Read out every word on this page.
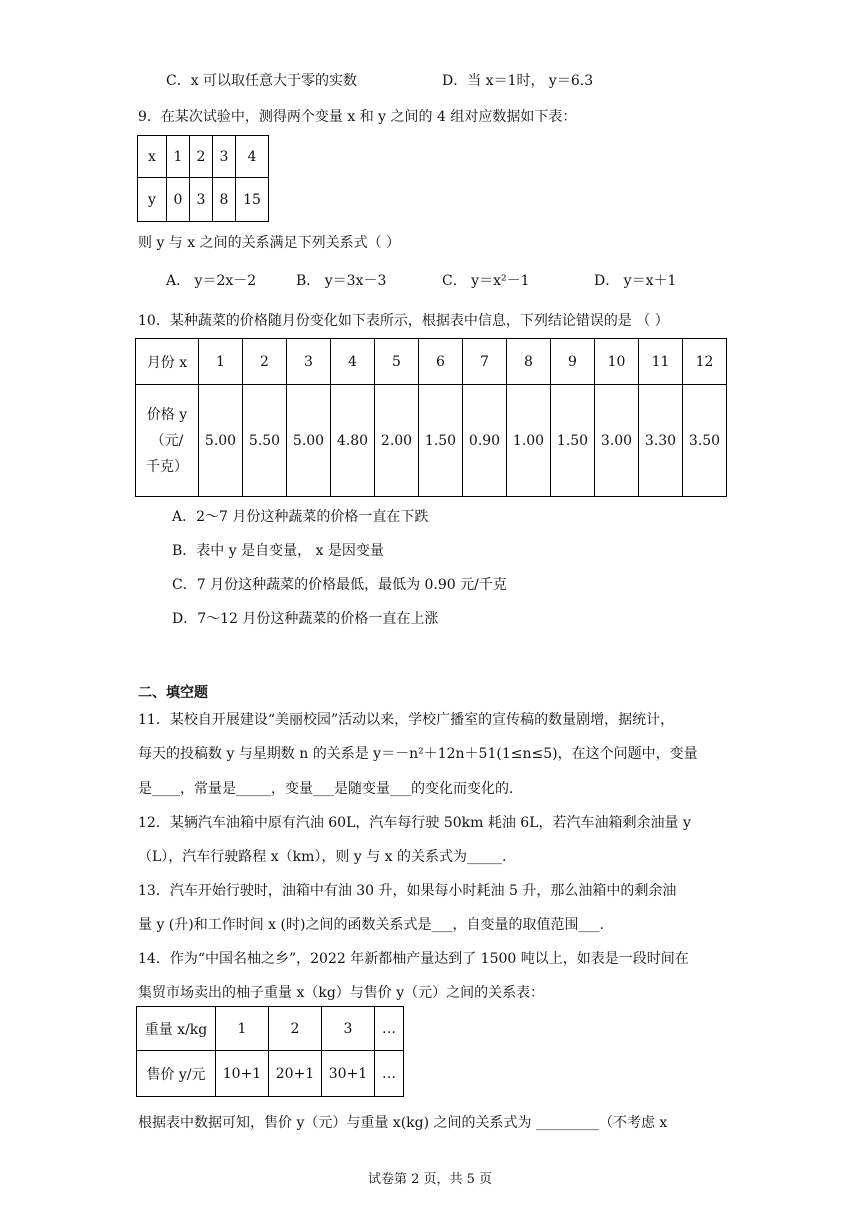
C．x 可以取任意大于零的实数	D．当 x＝1时， y＝6.3
9．在某次试验中，测得两个变量 x 和 y 之间的 4 组对应数据如下表：
x	1	2	3	4
y	0	3	8	15
则 y 与 x 之间的关系满足下列关系式（ ）
A． y＝2x－2	B． y＝3x－3	C． y＝x²－1	D． y＝x＋1
10．某种蔬菜的价格随月份变化如下表所示，根据表中信息，下列结论错误的是 （ ）
月份 x	1	2	3	4	5	6	7	8	9	10	11	12

价格 y
（元/
千克）	5.00	5.50	5.00	4.80	2.00	1.50	0.90	1.00	1.50	3.00	3.30	3.50
A．2～7 月份这种蔬菜的价格一直在下跌
B．表中 y 是自变量， x 是因变量
C．7 月份这种蔬菜的价格最低，最低为 0.90 元/千克
D．7～12 月份这种蔬菜的价格一直在上涨
二、填空题
11．某校自开展建设“美丽校园”活动以来，学校广播室的宣传稿的数量剧增，据统计，
每天的投稿数 y 与星期数 n 的关系是 y＝－n²＋12n＋51(1≤n≤5)，在这个问题中，变量
是____，常量是_____，变量___是随变量___的变化而变化的.
12．某辆汽车油箱中原有汽油 60L，汽车每行驶 50km 耗油 6L，若汽车油箱剩余油量 y
（L），汽车行驶路程 x（km），则 y 与 x 的关系式为_____.
13．汽车开始行驶时，油箱中有油 30 升，如果每小时耗油 5 升，那么油箱中的剩余油
量 y (升)和工作时间 x (时)之间的函数关系式是___，自变量的取值范围___.
14．作为“中国名柚之乡”，2022 年新都柚产量达到了 1500 吨以上，如表是一段时间在
集贸市场卖出的柚子重量 x（kg）与售价 y（元）之间的关系表：
重量 x/kg	1	2	3	…
售价 y/元	10+1	20+1	30+1	…
根据表中数据可知，售价 y（元）与重量 x(kg) 之间的关系式为 _________（不考虑 x
试卷第 2 页，共 5 页
